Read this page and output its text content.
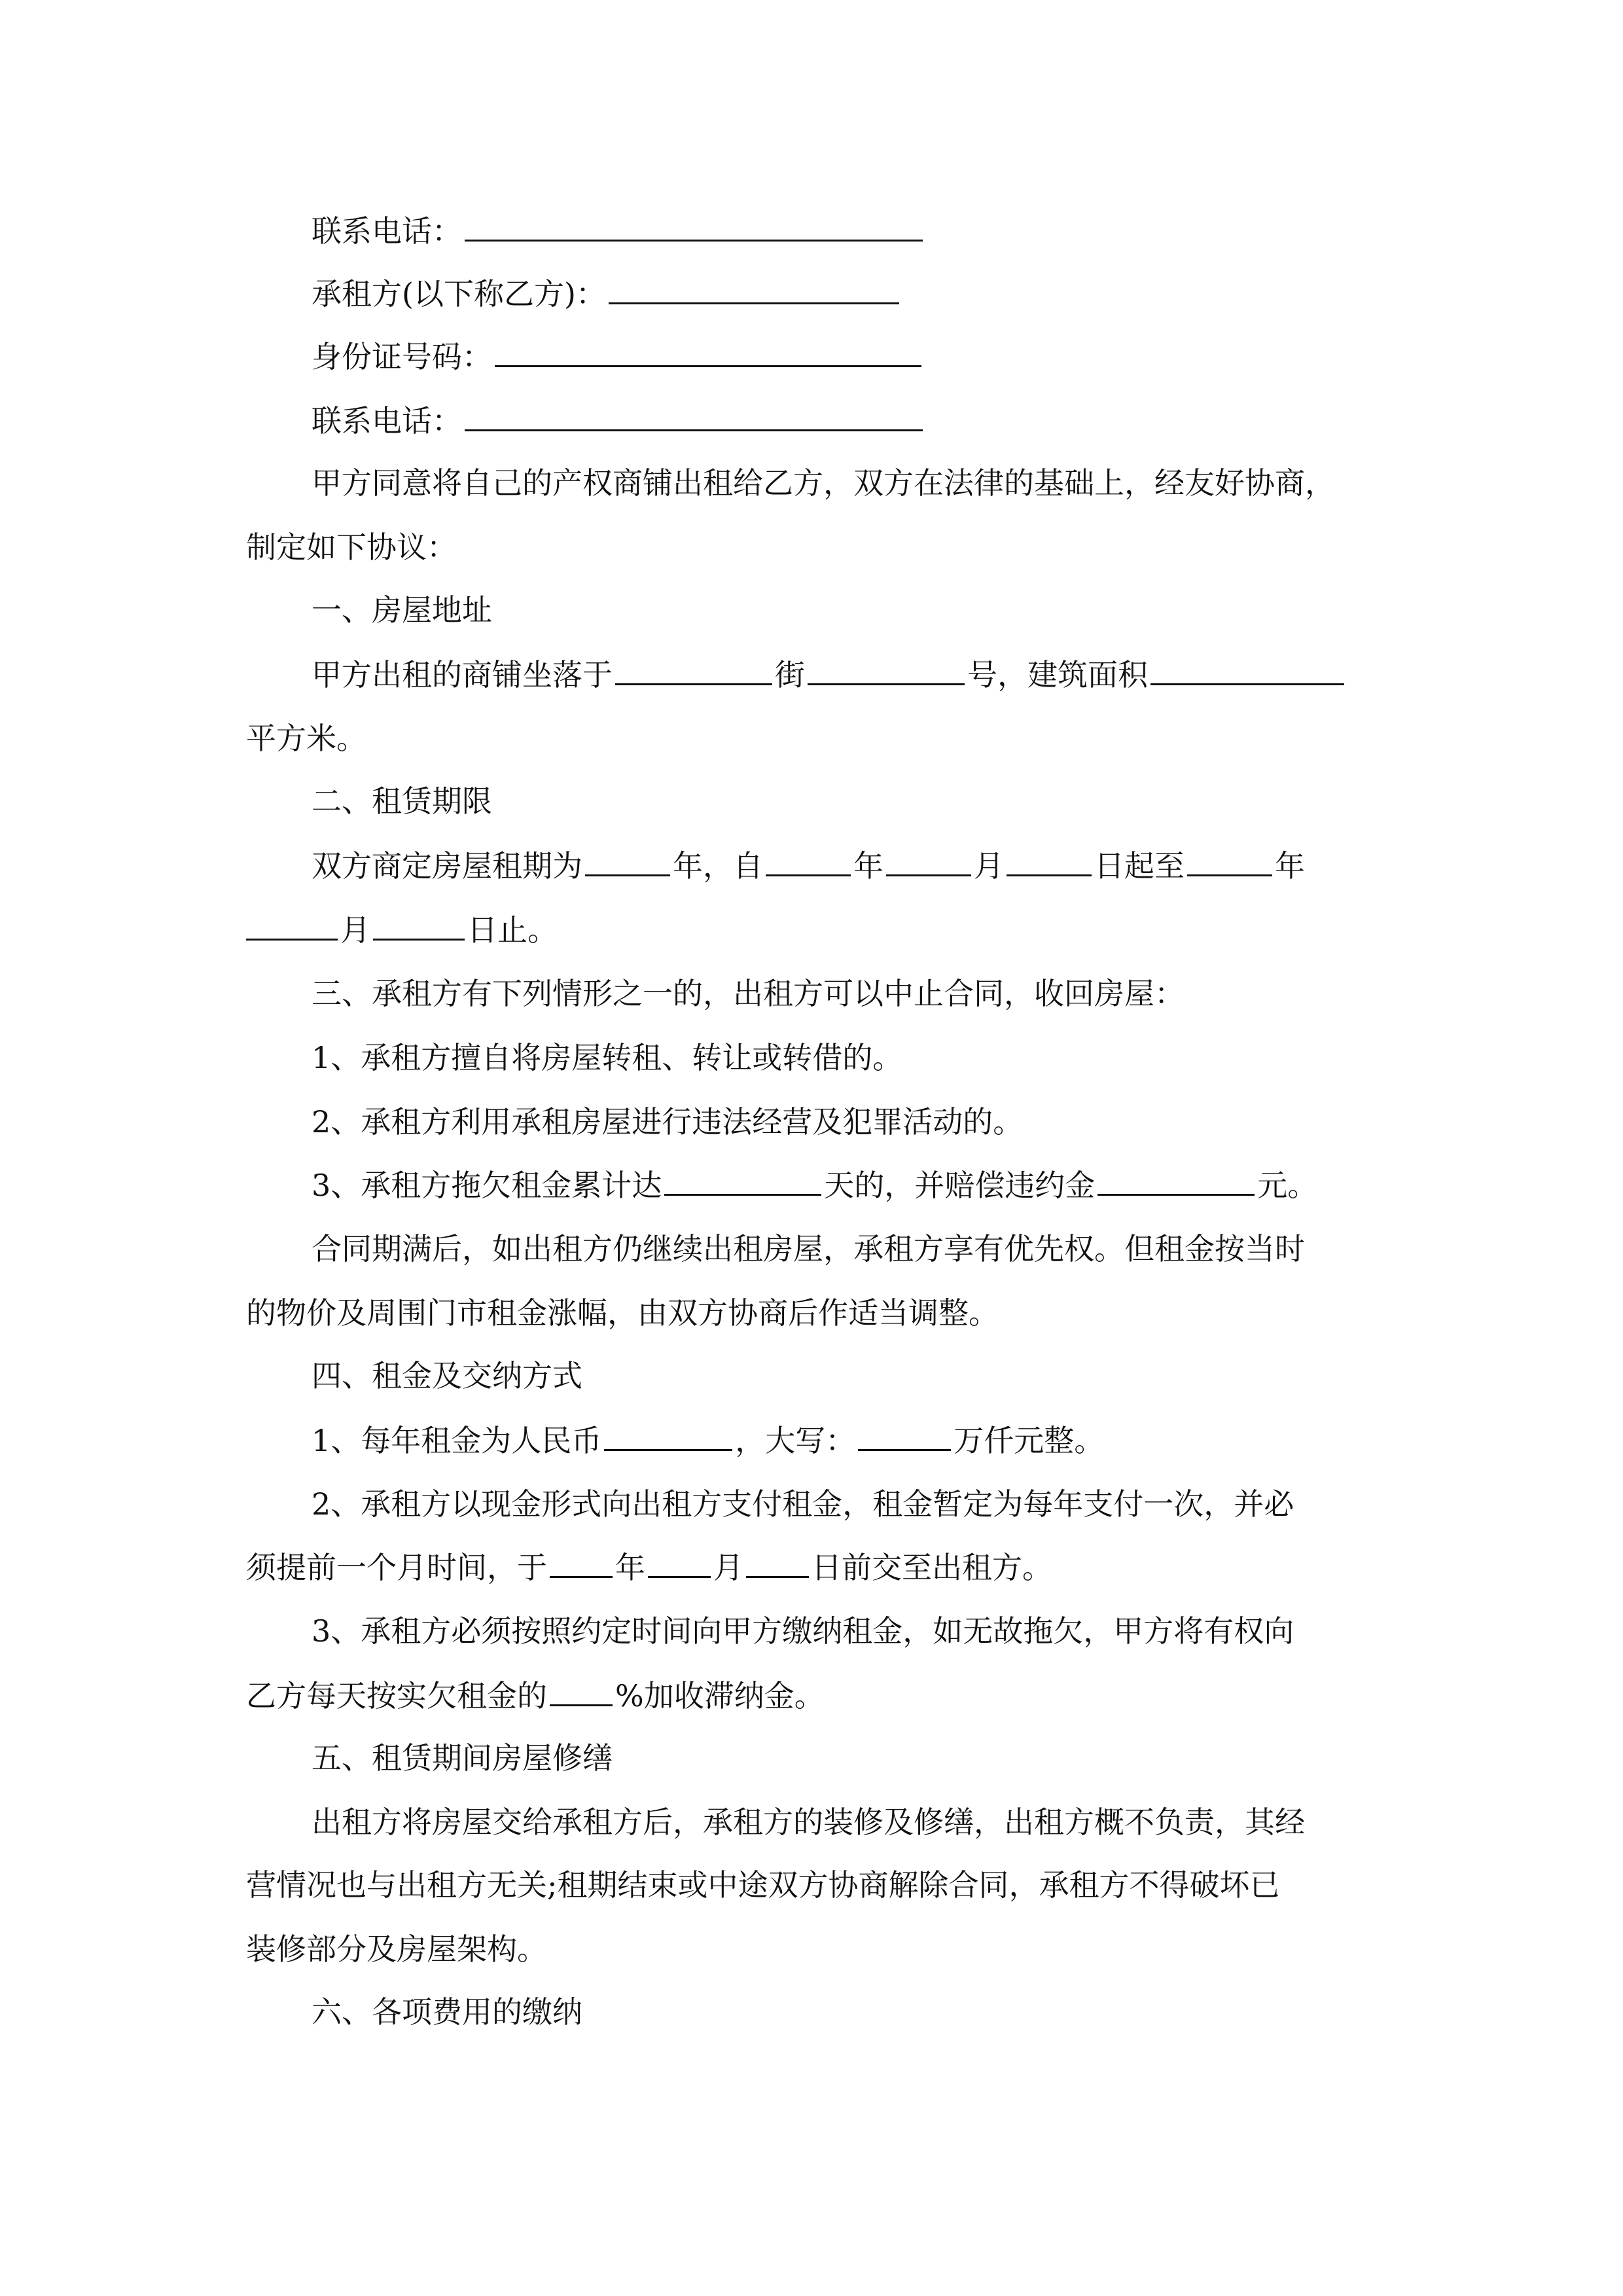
联系电话：
承租方(以下称乙方)：
身份证号码：
联系电话：
甲方同意将自己的产权商铺出租给乙方，双方在法律的基础上，经友好协商，
制定如下协议：
一、房屋地址
甲方出租的商铺坐落于	街	号，建筑面积
平方米。
二、租赁期限
双方商定房屋租期为	年，自	年	月	日起至	年
月	日止。
三、承租方有下列情形之一的，出租方可以中止合同，收回房屋：
1、承租方擅自将房屋转租、转让或转借的。
2、承租方利用承租房屋进行违法经营及犯罪活动的。
3、承租方拖欠租金累计达	天的，并赔偿违约金	元。
合同期满后，如出租方仍继续出租房屋，承租方享有优先权。但租金按当时
的物价及周围门市租金涨幅，由双方协商后作适当调整。
四、租金及交纳方式
1、每年租金为人民币	，大写：	万仟元整。
2、承租方以现金形式向出租方支付租金，租金暂定为每年支付一次，并必
须提前一个月时间，于 年 月 日前交至出租方。
3、承租方必须按照约定时间向甲方缴纳租金，如无故拖欠，甲方将有权向
乙方每天按实欠租金的 %加收滞纳金。
五、租赁期间房屋修缮
出租方将房屋交给承租方后，承租方的装修及修缮，出租方概不负责，其经
营情况也与出租方无关;租期结束或中途双方协商解除合同，承租方不得破坏已
装修部分及房屋架构。
六、各项费用的缴纳
